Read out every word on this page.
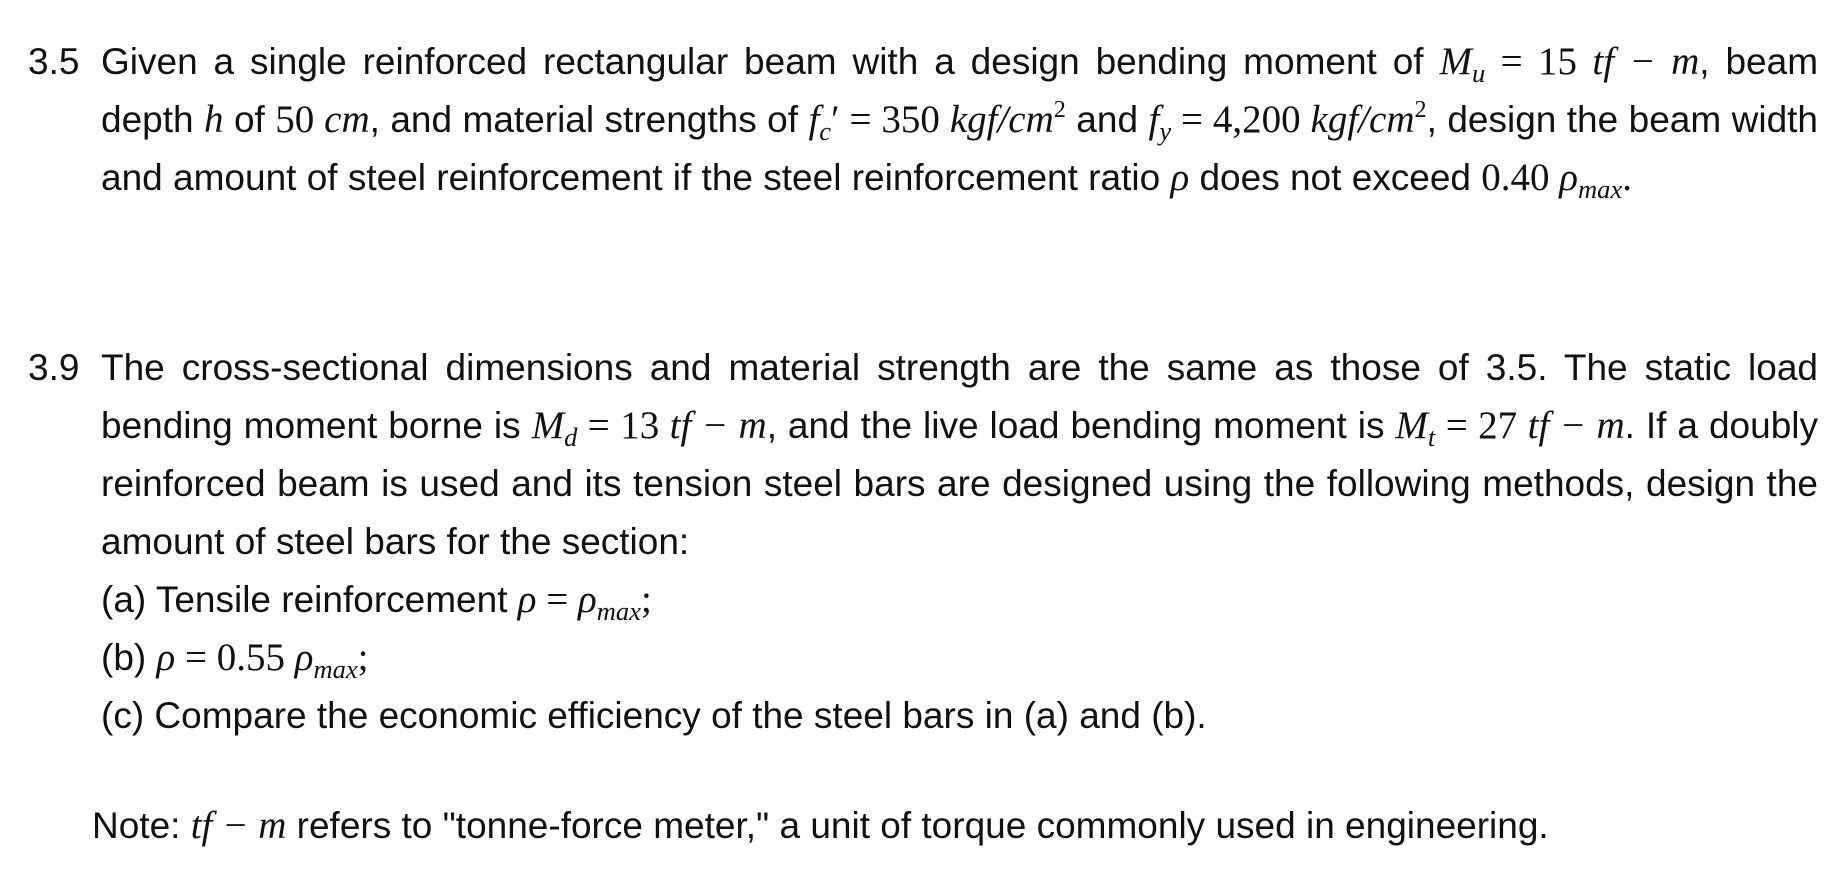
3.5 Given a single reinforced rectangular beam with a design bending moment of $M_u = 15$ tf − m, beam depth h of 50 cm, and material strengths of $f_c' = 350$ kgf/$cm^2$ and $f_y = 4,200$ kgf/$cm^2$, design the beam width and amount of steel reinforcement if the steel reinforcement ratio ρ does not exceed 0.40 $\rho_{max}$.
3.9 The cross-sectional dimensions and material strength are the same as those of 3.5. The static load bending moment borne is $M_d = 13$ tf − m, and the live load bending moment is $M_t = 27$ tf − m. If a doubly reinforced beam is used and its tension steel bars are designed using the following methods, design the amount of steel bars for the section:
(a) Tensile reinforcement $\rho = \rho_{max}$;
(b) ρ = 0.55 $\rho_{max}$;
(c) Compare the economic efficiency of the steel bars in (a) and (b).
Note: tf − m refers to "tonne-force meter," a unit of torque commonly used in engineering.
